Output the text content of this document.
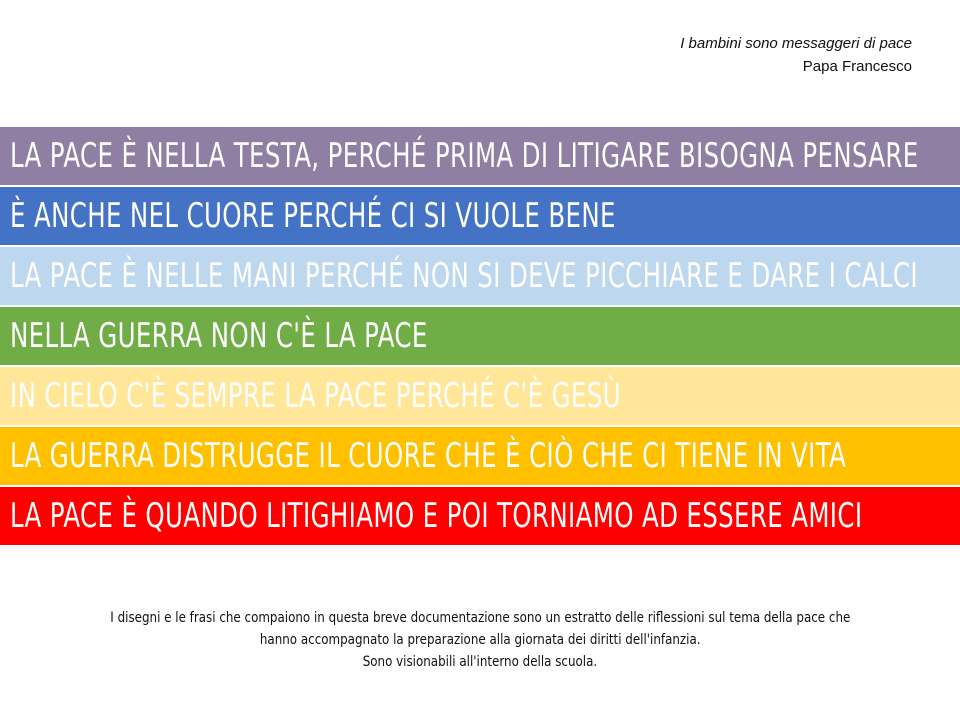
I bambini sono messaggeri di pace
Papa Francesco
LA PACE È NELLA TESTA, PERCHÉ PRIMA DI LITIGARE BISOGNA PENSARE
È ANCHE NEL CUORE PERCHÉ CI SI VUOLE BENE
LA PACE È NELLE MANI PERCHÉ NON SI DEVE PICCHIARE E DARE I CALCI
NELLA GUERRA NON C'È LA PACE
IN CIELO C'È SEMPRE LA PACE PERCHÉ C'È GESÙ
LA GUERRA DISTRUGGE IL CUORE CHE È CIÒ CHE CI TIENE IN VITA
LA PACE È QUANDO LITIGHIAMO E POI TORNIAMO AD ESSERE AMICI
I disegni e le frasi che compaiono in questa breve documentazione sono un estratto delle riflessioni sul tema della pace che
hanno accompagnato la preparazione alla giornata dei diritti dell'infanzia.
Sono visionabili all'interno della scuola.
